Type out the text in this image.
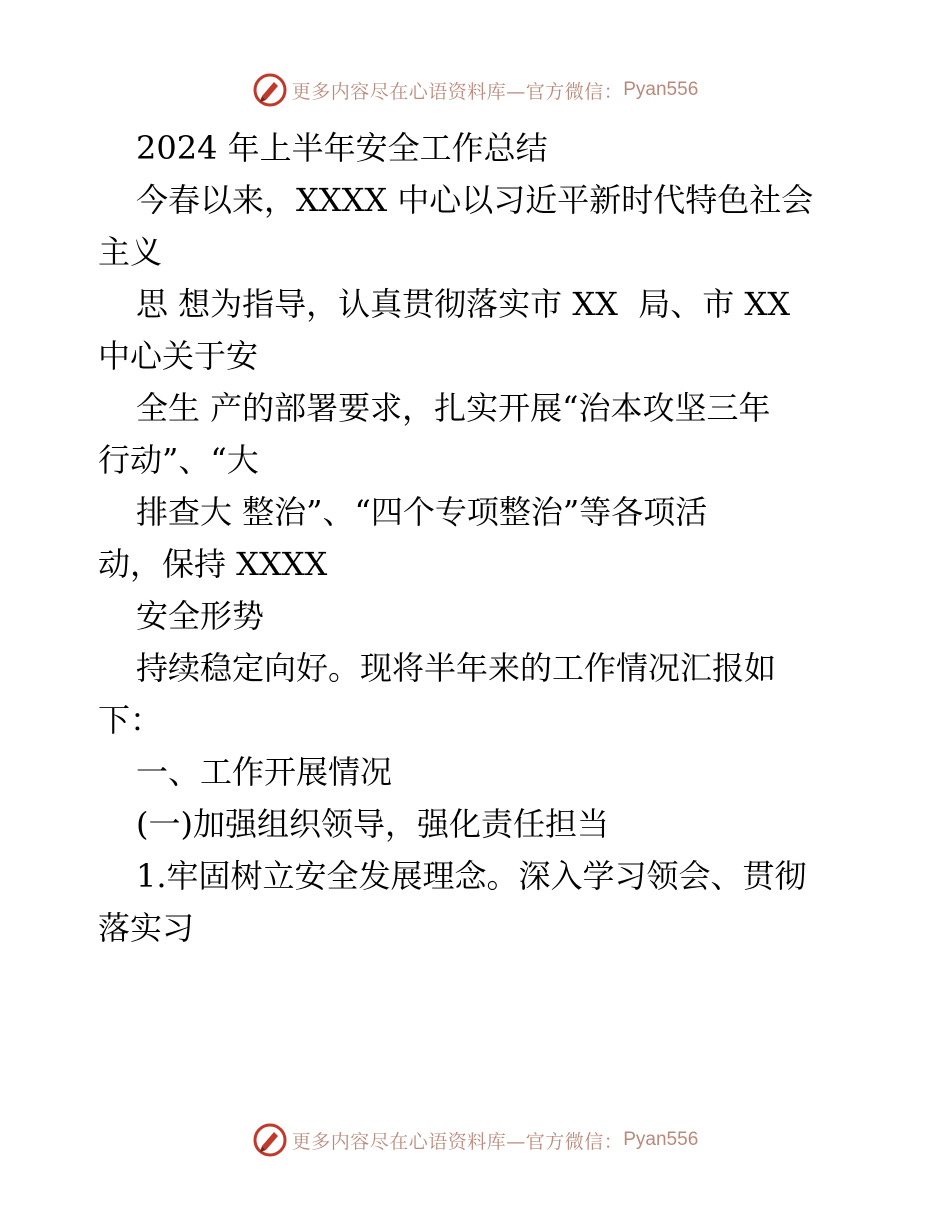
更多内容尽在心语资料库—官方微信： Pyan556

2024 年上半年安全工作总结

今春以来，XXXX 中心以习近平新时代特色社会

主义

思 想为指导，认真贯彻落实市 XX  局、市 XX

中心关于安

全生 产的部署要求，扎实开展“治本攻坚三年

行动”、“大

排查大 整治”、“四个专项整治”等各项活

动，保持 XXXX

安全形势

持续稳定向好。现将半年来的工作情况汇报如

下：

一、工作开展情况

(一)加强组织领导，强化责任担当

1.牢固树立安全发展理念。深入学习领会、贯彻

落实习

更多内容尽在心语资料库—官方微信： Pyan556
